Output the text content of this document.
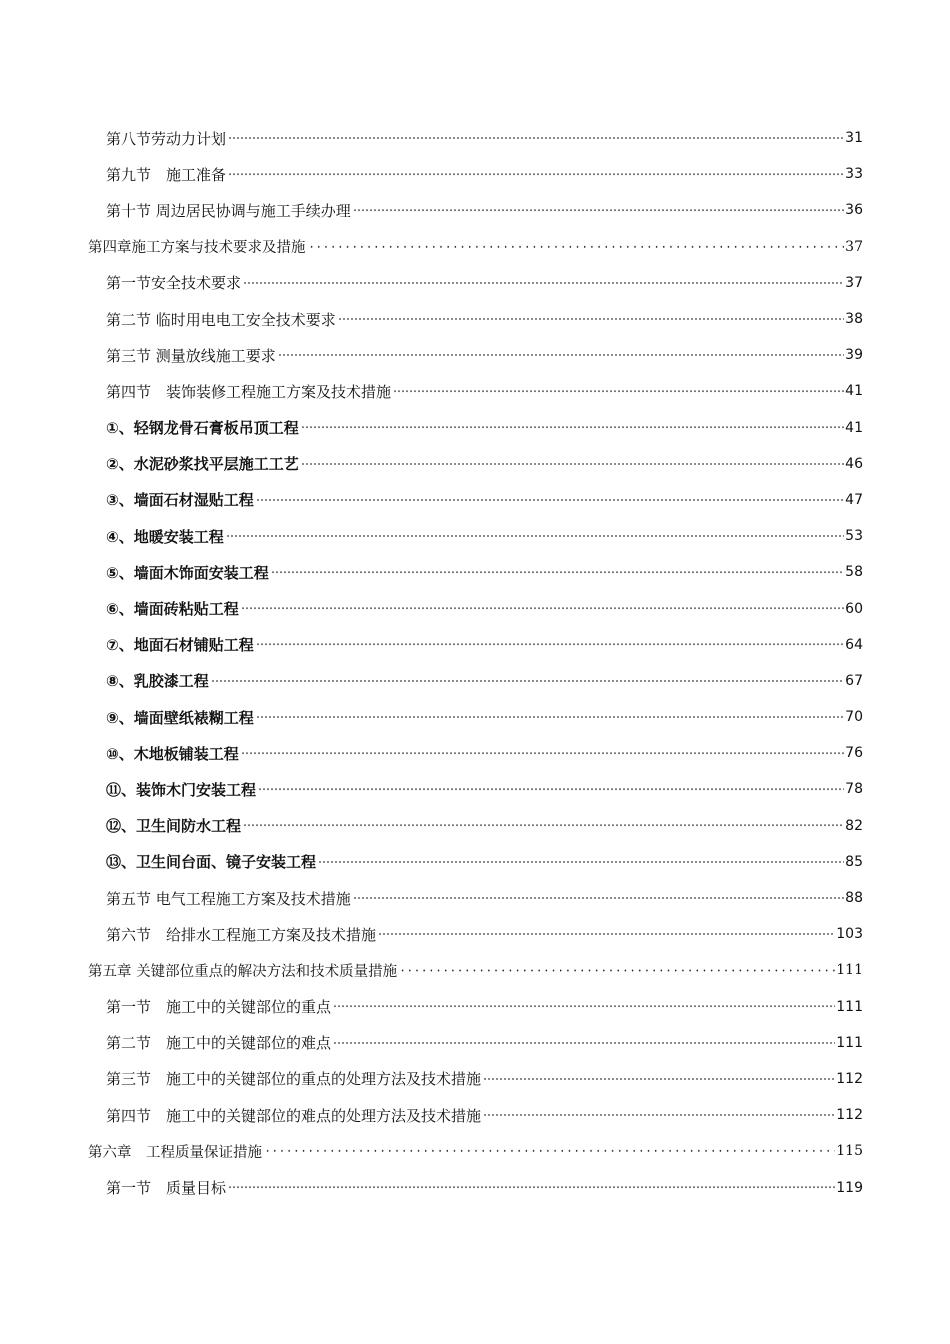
第八节劳动力计划	31
第九节　施工准备	33
第十节 周边居民协调与施工手续办理	36
第四章施工方案与技术要求及措施	37
第一节安全技术要求	37
第二节 临时用电电工安全技术要求	38
第三节 测量放线施工要求	39
第四节　装饰装修工程施工方案及技术措施	41
①、轻钢龙骨石膏板吊顶工程	41
②、水泥砂浆找平层施工工艺	46
③、墙面石材湿贴工程	47
④、地暖安装工程	53
⑤、墙面木饰面安装工程	58
⑥、墙面砖粘贴工程	60
⑦、地面石材铺贴工程	64
⑧、乳胶漆工程	67
⑨、墙面壁纸裱糊工程	70
⑩、木地板铺装工程	76
⑪、装饰木门安装工程	78
⑫、卫生间防水工程	82
⑬、卫生间台面、镜子安装工程	85
第五节 电气工程施工方案及技术措施	88
第六节　给排水工程施工方案及技术措施	103
第五章 关键部位重点的解决方法和技术质量措施	111
第一节　施工中的关键部位的重点	111
第二节　施工中的关键部位的难点	111
第三节　施工中的关键部位的重点的处理方法及技术措施	112
第四节　施工中的关键部位的难点的处理方法及技术措施	112
第六章　工程质量保证措施	115
第一节　质量目标	119
